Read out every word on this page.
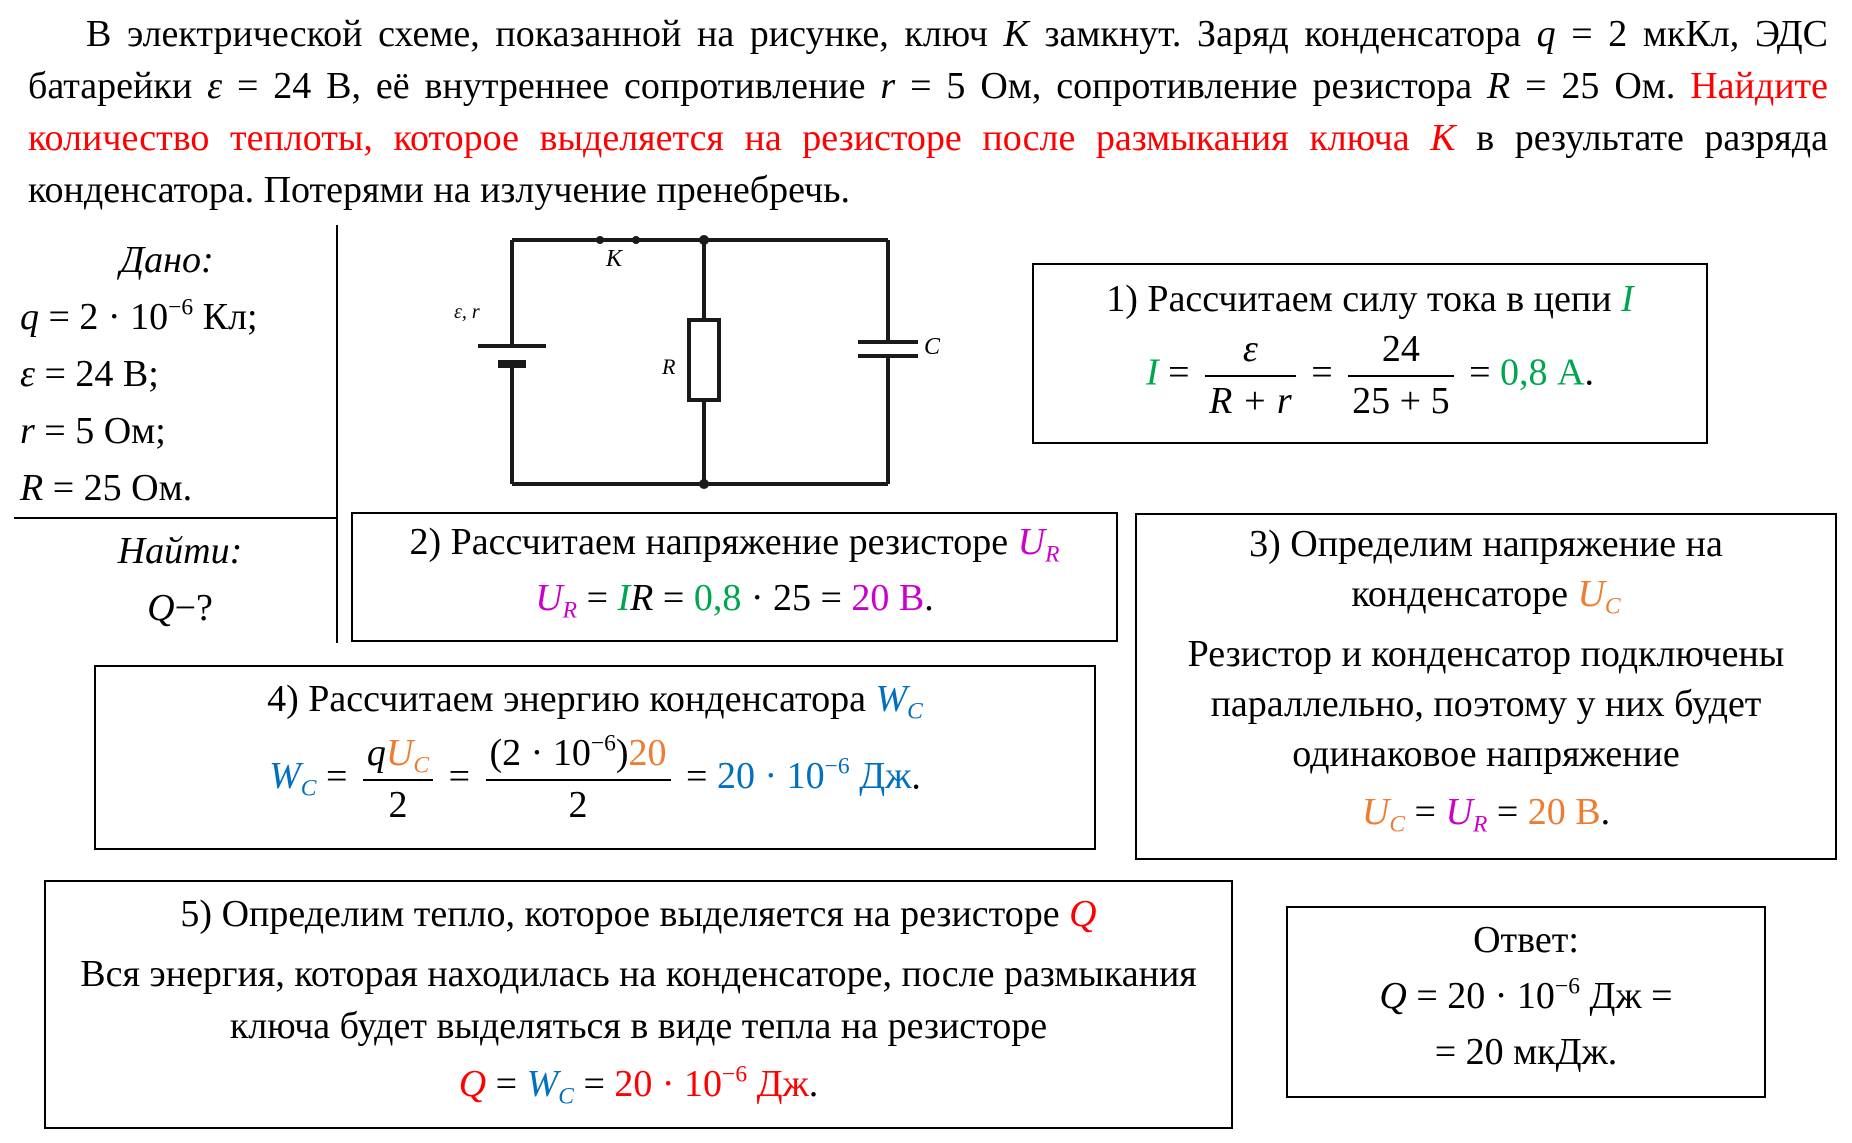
В электрической схеме, показанной на рисунке, ключ K замкнут. Заряд конденсатора q = 2 мкКл, ЭДС батарейки ε = 24 В, её внутреннее сопротивление r = 5 Ом, сопротивление резистора R = 25 Ом. Найдите количество теплоты, которое выделяется на резисторе после размыкания ключа K в результате разряда конденсатора. Потерями на излучение пренебречь.
Дано:
$q = 2 \cdot 10^{-6}$ Кл;
ε = 24 В;
r = 5 Ом;
R = 25 Ом.
Найти:
Q−?
K
ε, r
R
C
1) Рассчитаем силу тока в цепи I
$I = \frac{\varepsilon}{R + r} = \frac{24}{25 + 5} = 0,8$ А.
2) Рассчитаем напряжение резисторе $U_R$
$U_R$ = IR = 0,8 · 25 = 20 В.
3) Определим напряжение на конденсаторе $U_C$
Резистор и конденсатор подключены параллельно, поэтому у них будет одинаковое напряжение
$U_C = U_R = 20$ В.
4) Рассчитаем энергию конденсатора $W_C$
$W_C = \frac{qU_C}{2} = \frac{(2 \cdot 10^{-6})20}{2} = 20 \cdot 10^{-6}$ Дж.
5) Определим тепло, которое выделяется на резисторе Q
Вся энергия, которая находилась на конденсаторе, после размыкания ключа будет выделяться в виде тепла на резисторе
$Q = W_C = 20 \cdot 10^{-6}$ Дж.
Ответ:
$Q = 20 \cdot 10^{-6}$ Дж =
= 20 мкДж.
